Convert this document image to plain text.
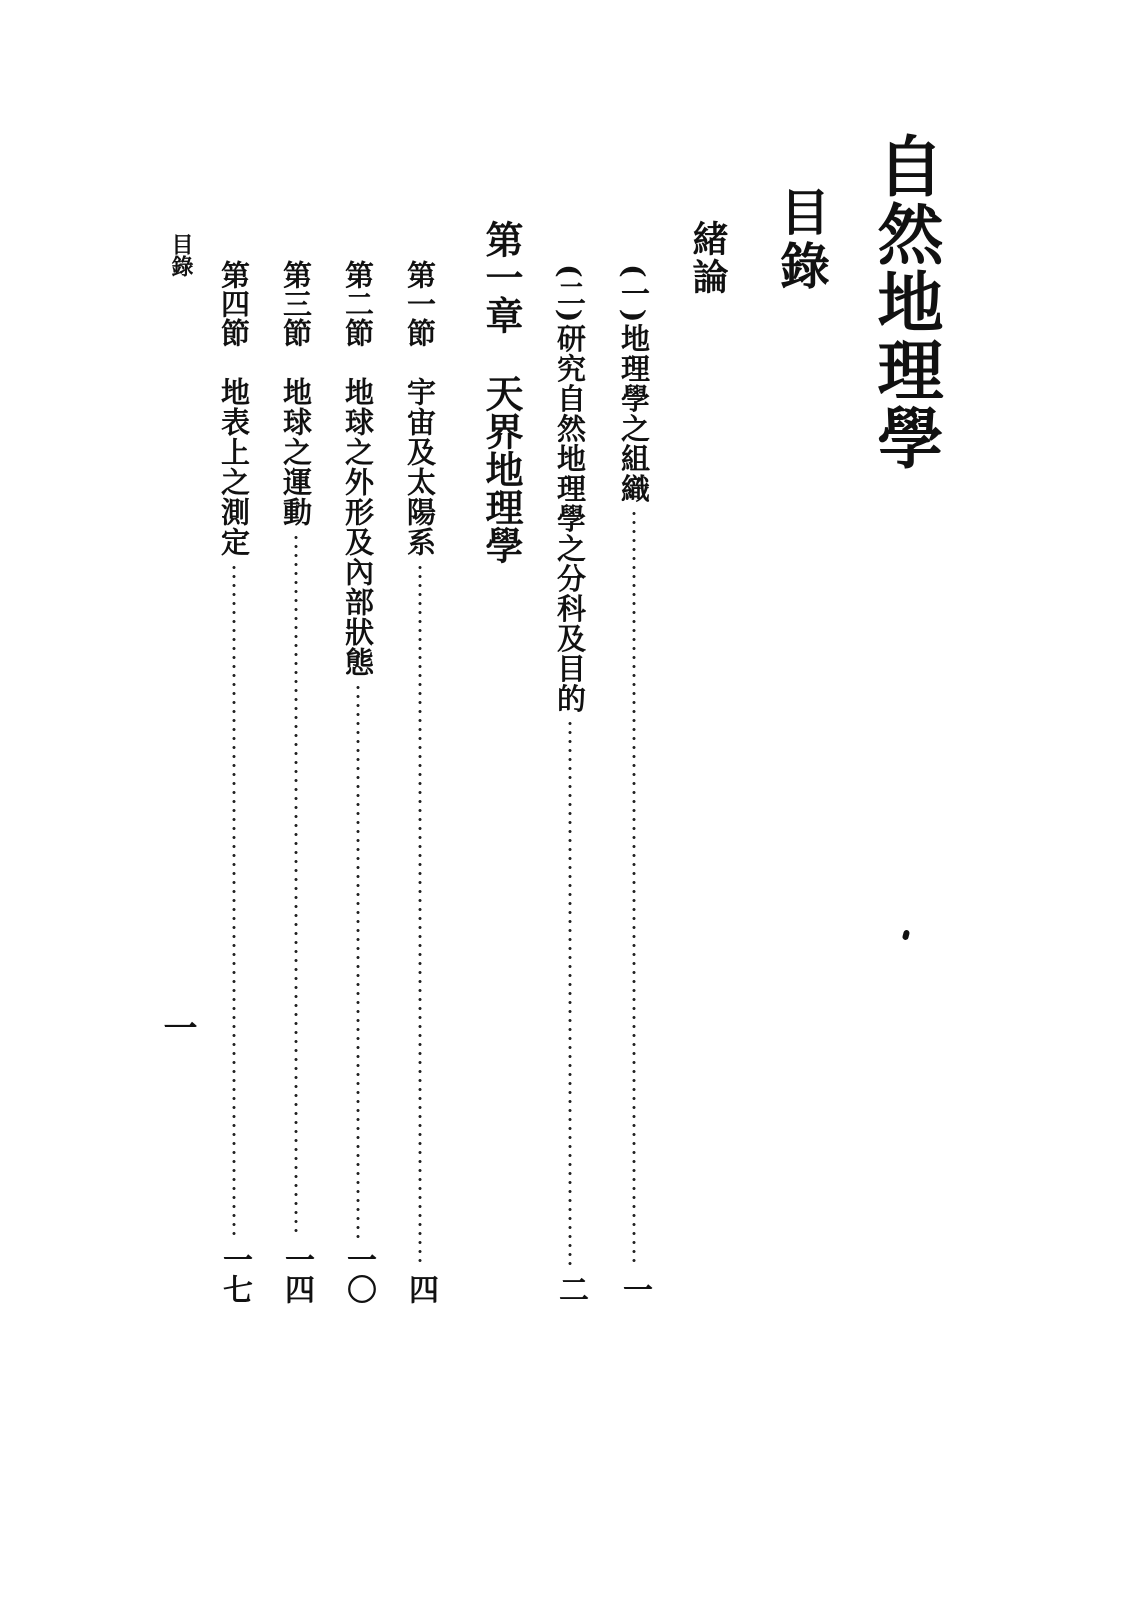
自然地理學
目錄
緒論
(一)地理學之組織
一
(二)研究自然地理學之分科及目的
二
第一章天界地理學
第一節宇宙及太陽系
四
第二節地球之外形及內部狀態
一〇
第三節地球之運動
一四
第四節地表上之測定
一七
目錄
一
